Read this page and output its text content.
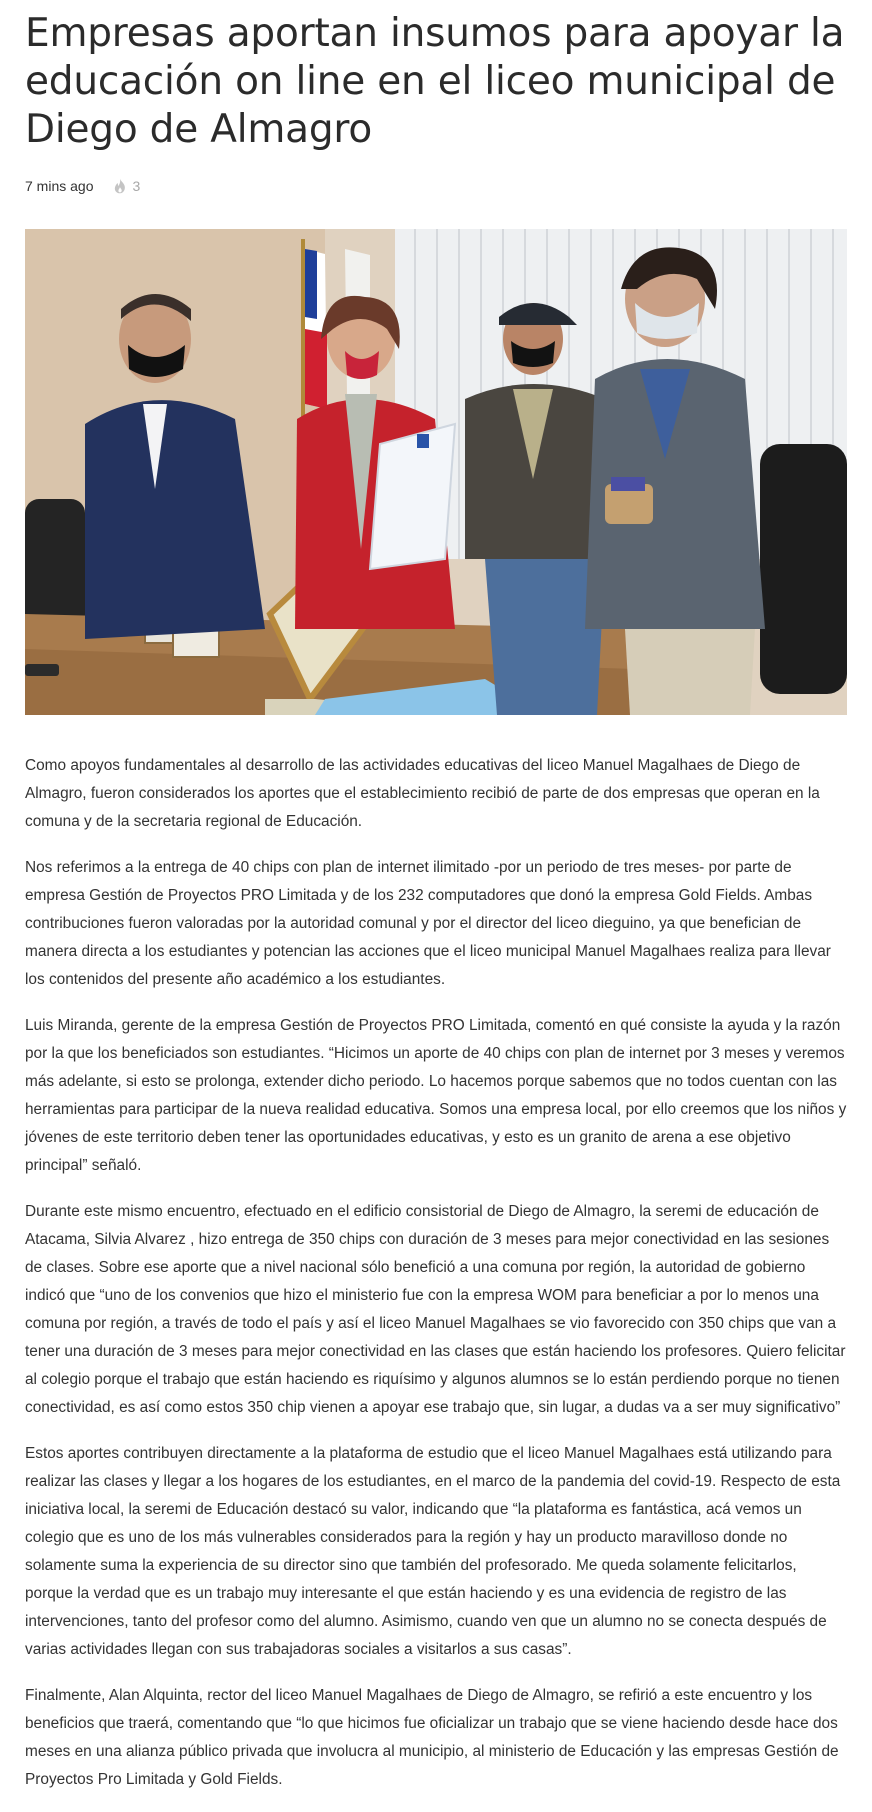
Empresas aportan insumos para apoyar la educación on line en el liceo municipal de Diego de Almagro
7 mins ago	3

Como apoyos fundamentales al desarrollo de las actividades educativas del liceo Manuel Magalhaes de Diego de Almagro, fueron considerados los aportes que el establecimiento recibió de parte de dos empresas que operan en la comuna y de la secretaria regional de Educación.

Nos referimos a la entrega de 40 chips con plan de internet ilimitado -por un periodo de tres meses- por parte de empresa Gestión de Proyectos PRO Limitada y de los 232 computadores que donó la empresa Gold Fields. Ambas contribuciones fueron valoradas por la autoridad comunal y por el director del liceo dieguino, ya que benefician de manera directa a los estudiantes y potencian las acciones que el liceo municipal Manuel Magalhaes realiza para llevar los contenidos del presente año académico a los estudiantes.

Luis Miranda, gerente de la empresa Gestión de Proyectos PRO Limitada, comentó en qué consiste la ayuda y la razón por la que los beneficiados son estudiantes. “Hicimos un aporte de 40 chips con plan de internet por 3 meses y veremos más adelante, si esto se prolonga, extender dicho periodo. Lo hacemos porque sabemos que no todos cuentan con las herramientas para participar de la nueva realidad educativa. Somos una empresa local, por ello creemos que los niños y jóvenes de este territorio deben tener las oportunidades educativas, y esto es un granito de arena a ese objetivo principal” señaló.

Durante este mismo encuentro, efectuado en el edificio consistorial de Diego de Almagro, la seremi de educación de Atacama, Silvia Alvarez , hizo entrega de 350 chips con duración de 3 meses para mejor conectividad en las sesiones de clases. Sobre ese aporte que a nivel nacional sólo benefició a una comuna por región, la autoridad de gobierno indicó que “uno de los convenios que hizo el ministerio fue con la empresa WOM para beneficiar a por lo menos una comuna por región, a través de todo el país y así el liceo Manuel Magalhaes se vio favorecido con 350 chips que van a tener una duración de 3 meses para mejor conectividad en las clases que están haciendo los profesores. Quiero felicitar al colegio porque el trabajo que están haciendo es riquísimo y algunos alumnos se lo están perdiendo porque no tienen conectividad, es así como estos 350 chip vienen a apoyar ese trabajo que, sin lugar, a dudas va a ser muy significativo”

Estos aportes contribuyen directamente a la plataforma de estudio que el liceo Manuel Magalhaes está utilizando para realizar las clases y llegar a los hogares de los estudiantes, en el marco de la pandemia del covid-19. Respecto de esta iniciativa local, la seremi de Educación destacó su valor, indicando que “la plataforma es fantástica, acá vemos un colegio que es uno de los más vulnerables considerados para la región y hay un producto maravilloso donde no solamente suma la experiencia de su director sino que también del profesorado. Me queda solamente felicitarlos, porque la verdad que es un trabajo muy interesante el que están haciendo y es una evidencia de registro de las intervenciones, tanto del profesor como del alumno. Asimismo, cuando ven que un alumno no se conecta después de varias actividades llegan con sus trabajadoras sociales a visitarlos a sus casas”.

Finalmente, Alan Alquinta, rector del liceo Manuel Magalhaes de Diego de Almagro, se refirió a este encuentro y los beneficios que traerá, comentando que “lo que hicimos fue oficializar un trabajo que se viene haciendo desde hace dos meses en una alianza público privada que involucra al municipio, al ministerio de Educación y las empresas Gestión de Proyectos Pro Limitada y Gold Fields.
